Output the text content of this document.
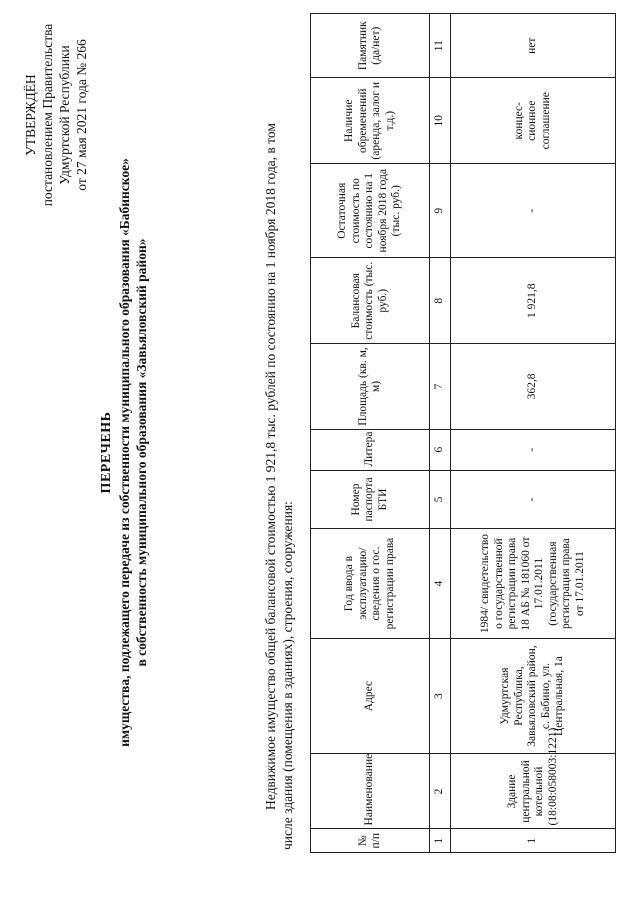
УТВЕРЖДЁН постановлением Правительства Удмуртской Республики от 27 мая 2021 года № 266
ПЕРЕЧЕНЬ имущества, подлежащего передаче из собственности муниципального образования «Бабинское» в собственность муниципального образования «Завьяловский район»	Недвижимое имущество общей балансовой стоимостью 1 921,8 тыс. рублей по состоянию на 1 ноября 2018 года, в том числе здания (помещения в зданиях), строения, сооружения:	№ п/п	Наименование	Адрес	Год ввода в эксплуатацию/ сведения о гос. регистрации права	Номер паспорта БТИ	Литера	Площадь (кв. м, м)	Балансовая стоимость (тыс. руб.)	Остаточная стоимость по состоянию на 1 ноября 2018 года (тыс. руб.)	Наличие обременений (аренда, залог и т.д.)	Памятник (да/нет)
1	2	3	4	5	6	7	8	9	10	11
1	Здание центральной котельной (18:08:058003:1221)	Удмуртская Республика, Завьяловский район, с. Бабино, ул. Центральная, 1а	1984/ свидетельство о государственной регистрации права 18 АБ № 181060 от 17.01.2011 (государственная регистрация права от 17.01.2011	-	-	362,8	1 921,8	-	концес- сионное соглашение	нет
